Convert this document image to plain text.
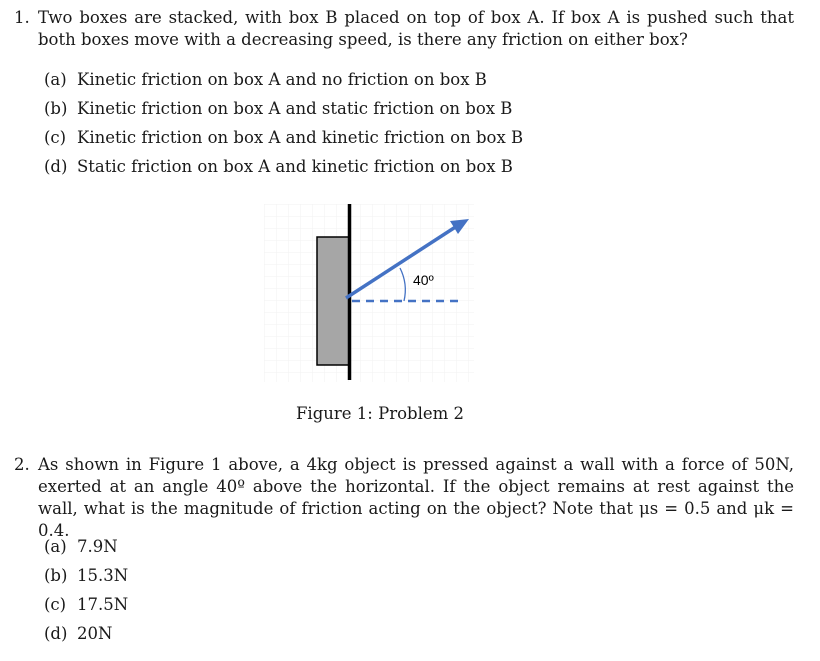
1. Two boxes are stacked, with box B placed on top of box A. If box A is pushed such that both boxes move with a decreasing speed, is there any friction on either box?
(a) Kinetic friction on box A and no friction on box B
(b) Kinetic friction on box A and static friction on box B
(c) Kinetic friction on box A and kinetic friction on box B
(d) Static friction on box A and kinetic friction on box B
40º
Figure 1: Problem 2
2. As shown in Figure 1 above, a 4kg object is pressed against a wall with a force of 50N, exerted at an angle 40º above the horizontal. If the object remains at rest against the wall, what is the magnitude of friction acting on the object? Note that μs = 0.5 and μk = 0.4.
(a) 7.9N
(b) 15.3N
(c) 17.5N
(d) 20N
